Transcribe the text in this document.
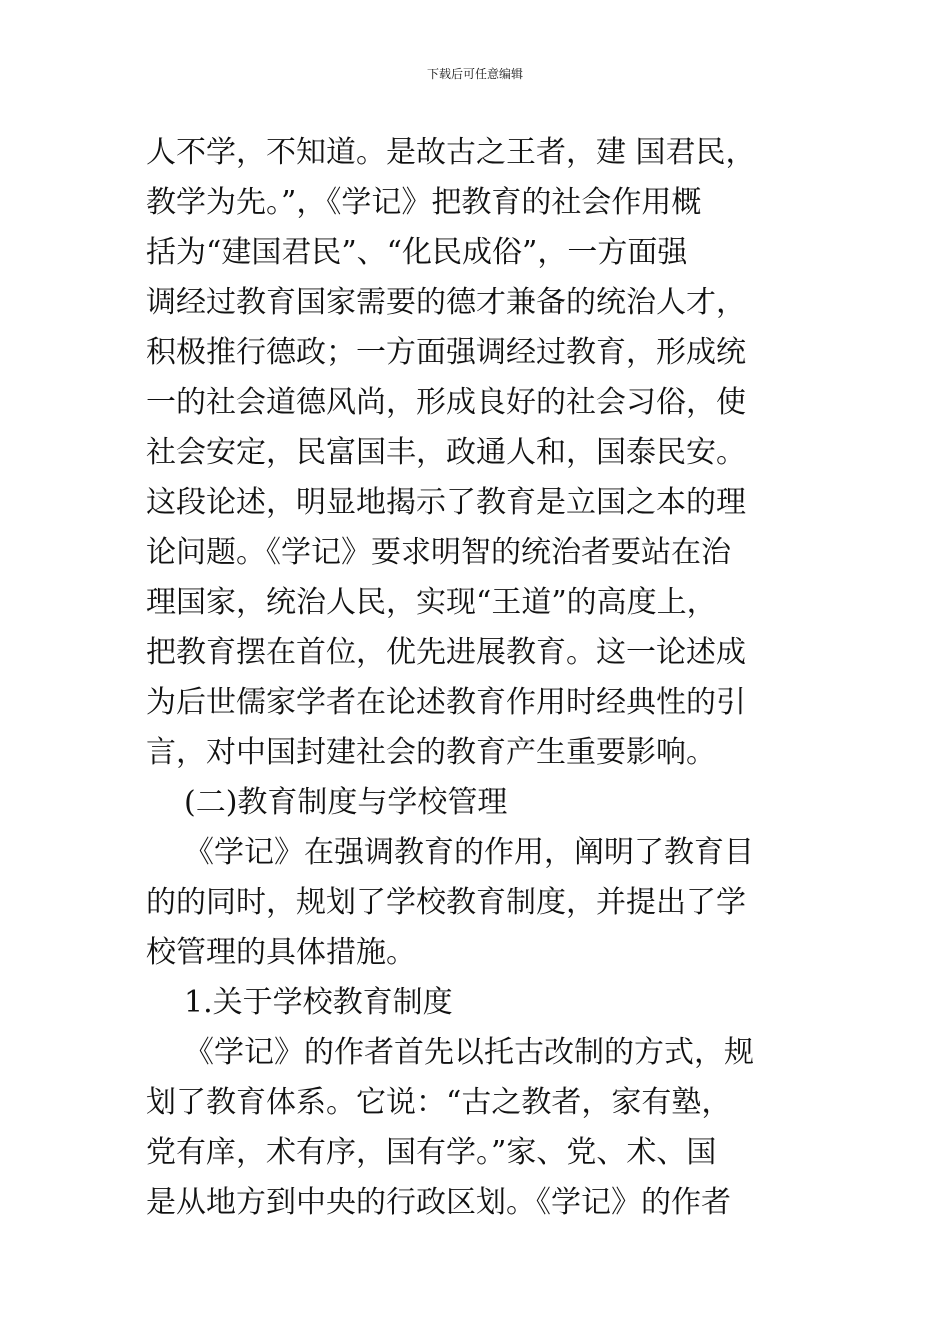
下载后可任意编辑
人不学，不知道。是故古之王者，建 国君民，
教学为先。”，《学记》把教育的社会作用概
括为“建国君民”、“化民成俗”，一方面强
调经过教育国家需要的德才兼备的统治人才，
积极推行德政；一方面强调经过教育，形成统
一的社会道德风尚，形成良好的社会习俗，使
社会安定，民富国丰，政通人和，国泰民安。
这段论述，明显地揭示了教育是立国之本的理
论问题。《学记》要求明智的统治者要站在治
理国家，统治人民，实现“王道”的高度上，
把教育摆在首位，优先进展教育。这一论述成
为后世儒家学者在论述教育作用时经典性的引
言，对中国封建社会的教育产生重要影响。
(二)教育制度与学校管理
《学记》在强调教育的作用，阐明了教育目
的的同时，规划了学校教育制度，并提出了学
校管理的具体措施。
1.关于学校教育制度
《学记》的作者首先以托古改制的方式，规
划了教育体系。它说：“古之教者，家有塾，
党有庠，术有序，国有学。”家、党、术、国
是从地方到中央的行政区划。《学记》的作者
